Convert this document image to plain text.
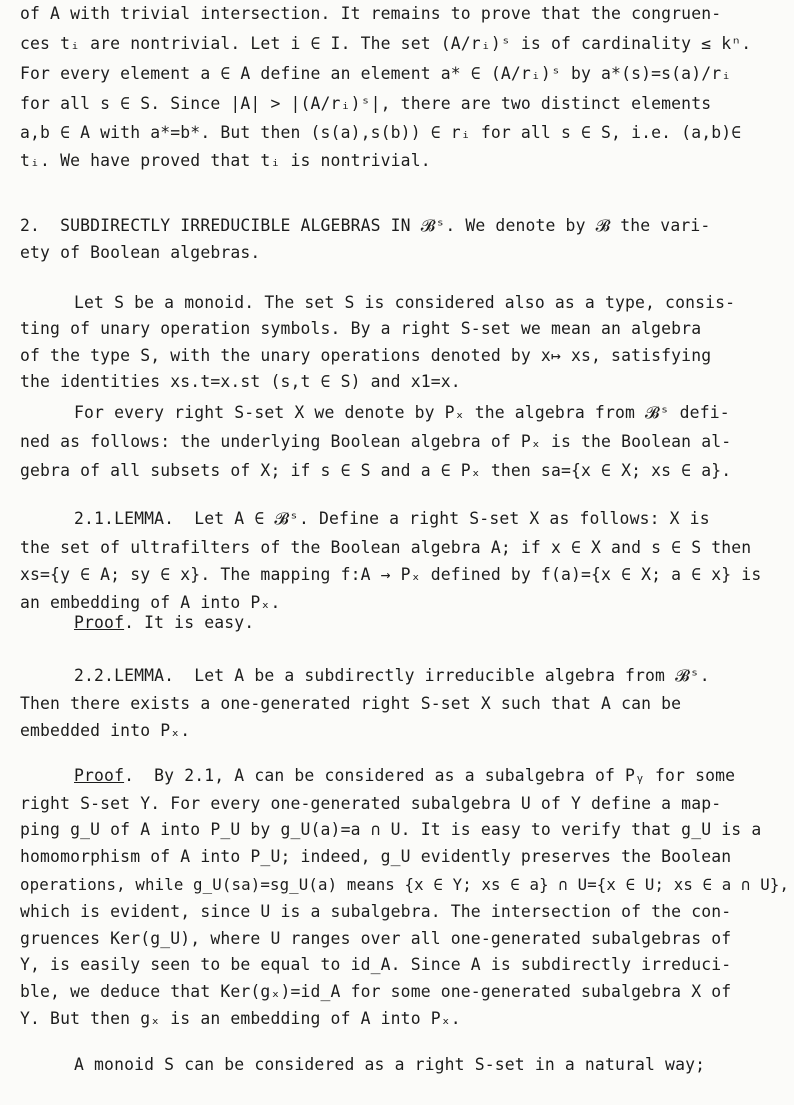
of A with trivial intersection. It remains to prove that the congruen-
ces tᵢ are nontrivial. Let i ∈ I. The set (A/rᵢ)ˢ is of cardinality ≤ kⁿ.
For every element a ∈ A define an element a* ∈ (A/rᵢ)ˢ by a*(s)=s(a)/rᵢ
for all s ∈ S. Since |A| > |(A/rᵢ)ˢ|, there are two distinct elements
a,b ∈ A with a*=b*. But then (s(a),s(b)) ∈ rᵢ for all s ∈ S, i.e. (a,b)∈
tᵢ. We have proved that tᵢ is nontrivial.
2.  SUBDIRECTLY IRREDUCIBLE ALGEBRAS IN 𝓑ˢ. We denote by 𝓑 the vari-
ety of Boolean algebras.
Let S be a monoid. The set S is considered also as a type, consis-
ting of unary operation symbols. By a right S-set we mean an algebra
of the type S, with the unary operations denoted by x↦ xs, satisfying
the identities xs.t=x.st (s,t ∈ S) and x1=x.
For every right S-set X we denote by Pₓ the algebra from 𝓑ˢ defi-
ned as follows: the underlying Boolean algebra of Pₓ is the Boolean al-
gebra of all subsets of X; if s ∈ S and a ∈ Pₓ then sa={x ∈ X; xs ∈ a}.
2.1.LEMMA.  Let A ∈ 𝓑ˢ. Define a right S-set X as follows: X is
the set of ultrafilters of the Boolean algebra A; if x ∈ X and s ∈ S then
xs={y ∈ A; sy ∈ x}. The mapping f:A → Pₓ defined by f(a)={x ∈ X; a ∈ x} is
an embedding of A into Pₓ.
Proof. It is easy.
2.2.LEMMA.  Let A be a subdirectly irreducible algebra from 𝓑ˢ.
Then there exists a one-generated right S-set X such that A can be
embedded into Pₓ.
Proof.  By 2.1, A can be considered as a subalgebra of Pᵧ for some
right S-set Y. For every one-generated subalgebra U of Y define a map-
ping g_U of A into P_U by g_U(a)=a ∩ U. It is easy to verify that g_U is a
homomorphism of A into P_U; indeed, g_U evidently preserves the Boolean
operations, while g_U(sa)=sg_U(a) means {x ∈ Y; xs ∈ a} ∩ U={x ∈ U; xs ∈ a ∩ U},
which is evident, since U is a subalgebra. The intersection of the con-
gruences Ker(g_U), where U ranges over all one-generated subalgebras of
Y, is easily seen to be equal to id_A. Since A is subdirectly irreduci-
ble, we deduce that Ker(gₓ)=id_A for some one-generated subalgebra X of
Y. But then gₓ is an embedding of A into Pₓ.
A monoid S can be considered as a right S-set in a natural way;
